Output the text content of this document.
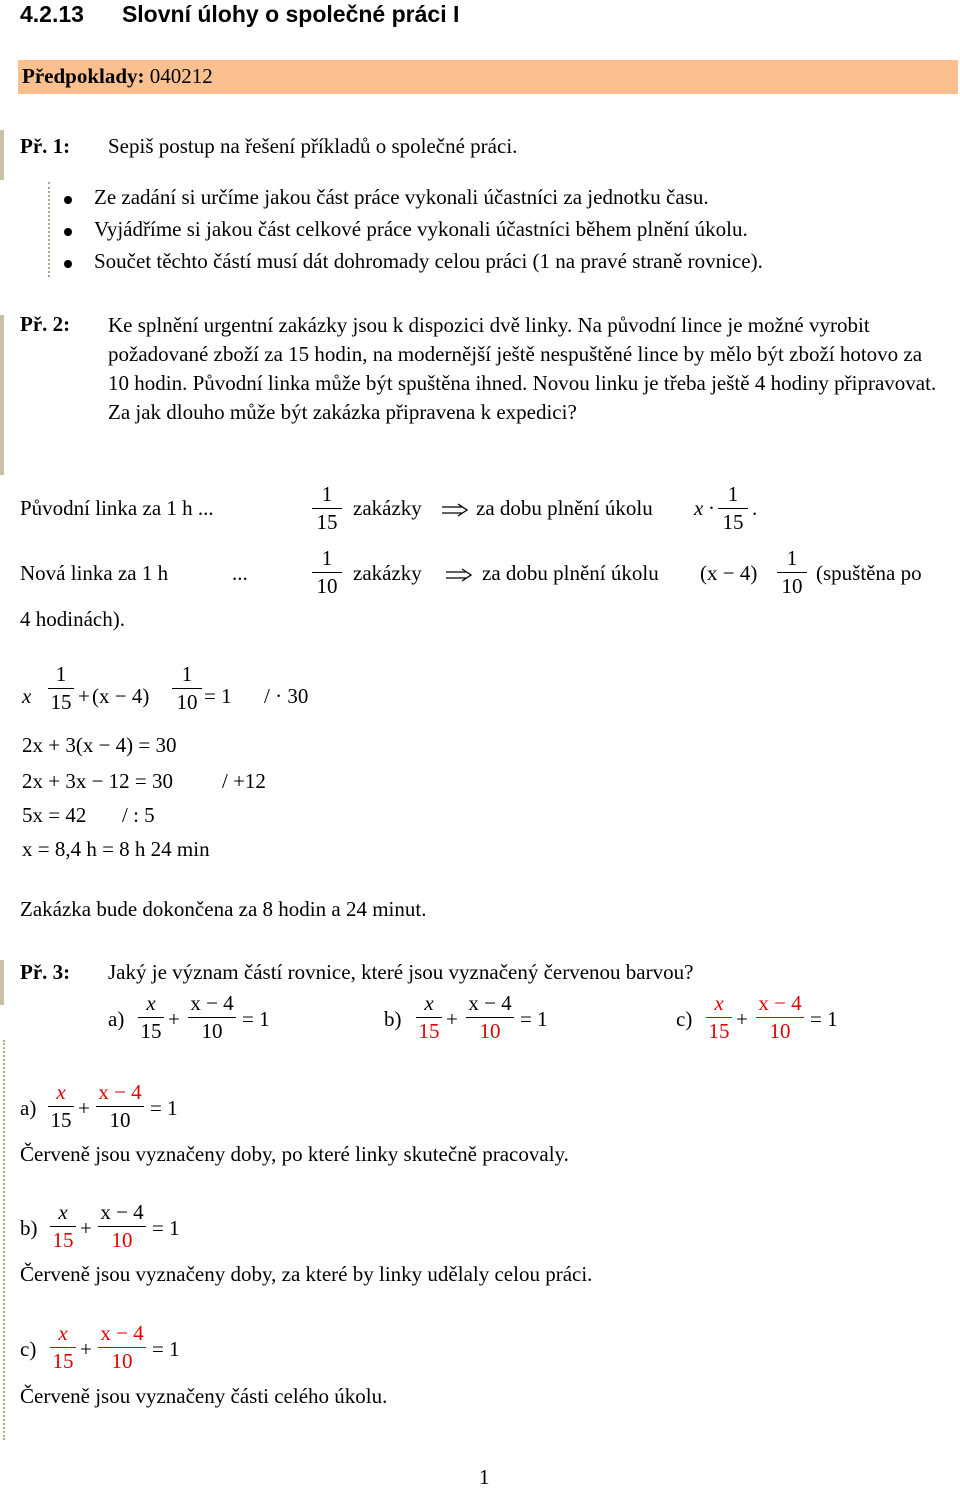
4.2.13 Slovní úlohy o společné práci I
Předpoklady: 040212
Př. 1: Sepiš postup na řešení příkladů o společné práci.
Ze zadání si určíme jakou část práce vykonali účastníci za jednotku času.
Vyjádříme si jakou část celkové práce vykonali účastníci během plnění úkolu.
Součet těchto částí musí dát dohromady celou práci (1 na pravé straně rovnice).
Př. 2: Ke splnění urgentní zakázky jsou k dispozici dvě linky. Na původní lince je možné vyrobit požadované zboží za 15 hodin, na modernější ještě nespuštěné lince by mělo být zboží hotovo za 10 hodin. Původní linka může být spuštěna ihned. Novou linku je třeba ještě 4 hodiny připravovat. Za jak dlouho může být zakázka připravena k expedici?
Původní linka za 1 h ...
1
15
zakázky	za dobu plnění úkolu x ·
1
15
.
Nová linka za 1 h	...
1
10
zakázky	za dobu plnění úkolu (x − 4)
1
10
(spuštěna po
4 hodinách).
x
1
15 + (x − 4)
1
10 = 1 / · 30
2x + 3(x − 4) = 30
2x + 3x − 12 = 30 / +12
5x = 42 / : 5
x = 8,4 h = 8 h 24 min
Zakázka bude dokončena za 8 hodin a 24 minut.
Př. 3: Jaký je význam částí rovnice, které jsou vyznačený červenou barvou?
a)
x
15 +
x − 4
10 = 1	b)
x
15 +
x − 4
10 = 1	c)
x
15 +
x − 4
10 = 1
a)
x
15 +
x − 4
10 = 1
Červeně jsou vyznačeny doby, po které linky skutečně pracovaly.
b)
x
15 +
x − 4
10 = 1
Červeně jsou vyznačeny doby, za které by linky udělaly celou práci.
c)
x
15 +
x − 4
10 = 1
Červeně jsou vyznačeny části celého úkolu.
1
